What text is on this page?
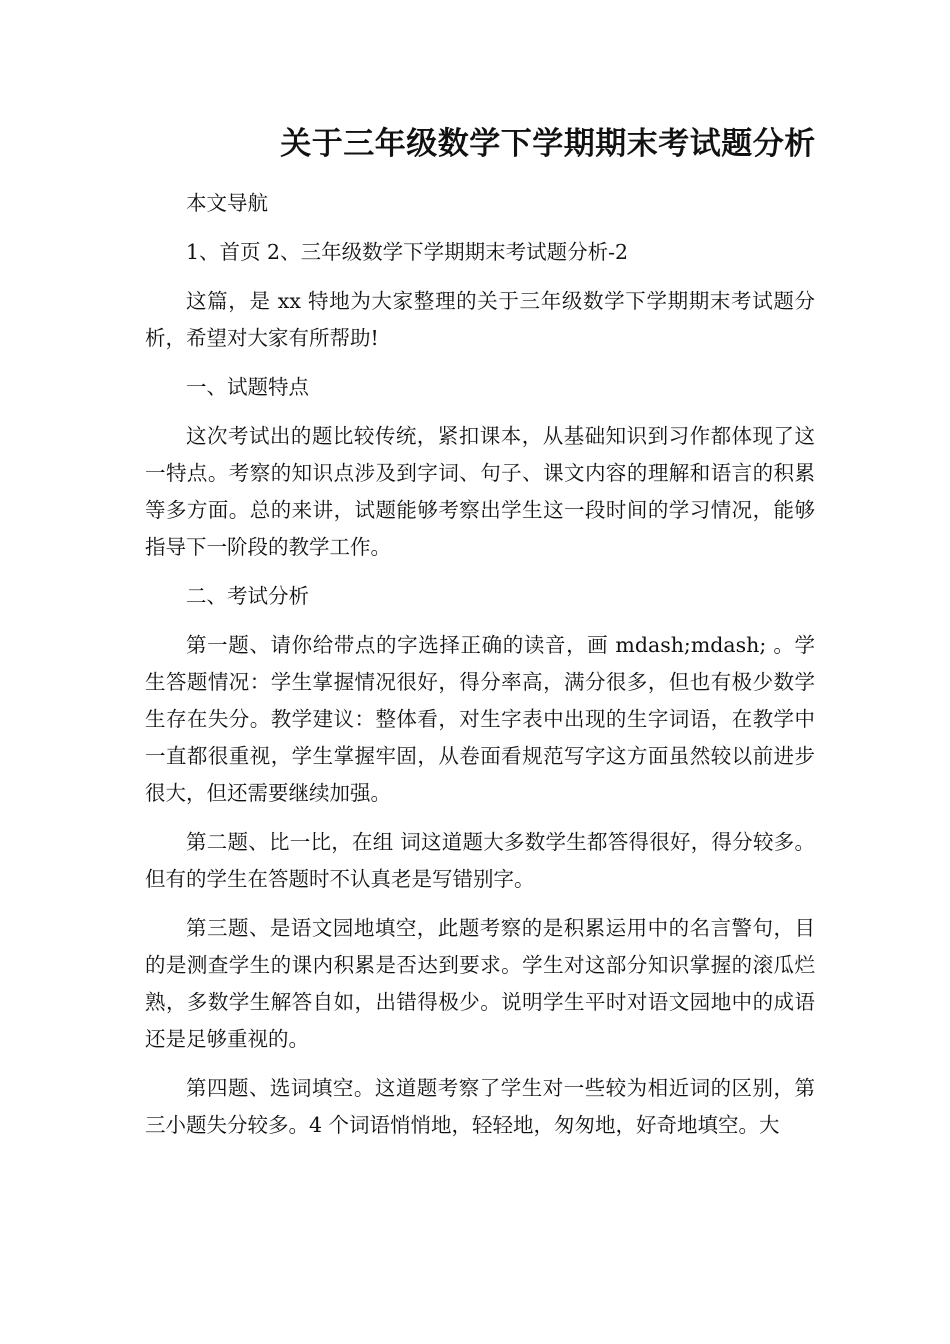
关于三年级数学下学期期末考试题分析

本文导航

1、首页 2、三年级数学下学期期末考试题分析-2

这篇，是 xx 特地为大家整理的关于三年级数学下学期期末考试题分析，希望对大家有所帮助!

一、试题特点

这次考试出的题比较传统，紧扣课本，从基础知识到习作都体现了这一特点。考察的知识点涉及到字词、句子、课文内容的理解和语言的积累等多方面。总的来讲，试题能够考察出学生这一段时间的学习情况，能够指导下一阶段的教学工作。

二、考试分析

第一题、请你给带点的字选择正确的读音，画 mdash;mdash; 。学生答题情况：学生掌握情况很好，得分率高，满分很多，但也有极少数学生存在失分。教学建议：整体看，对生字表中出现的生字词语，在教学中一直都很重视，学生掌握牢固，从卷面看规范写字这方面虽然较以前进步很大，但还需要继续加强。

第二题、比一比，在组 词这道题大多数学生都答得很好，得分较多。但有的学生在答题时不认真老是写错别字。

第三题、是语文园地填空，此题考察的是积累运用中的名言警句，目的是测查学生的课内积累是否达到要求。学生对这部分知识掌握的滚瓜烂熟，多数学生解答自如，出错得极少。说明学生平时对语文园地中的成语还是足够重视的。

第四题、选词填空。这道题考察了学生对一些较为相近词的区别，第三小题失分较多。4 个词语悄悄地，轻轻地，匆匆地，好奇地填空。大
